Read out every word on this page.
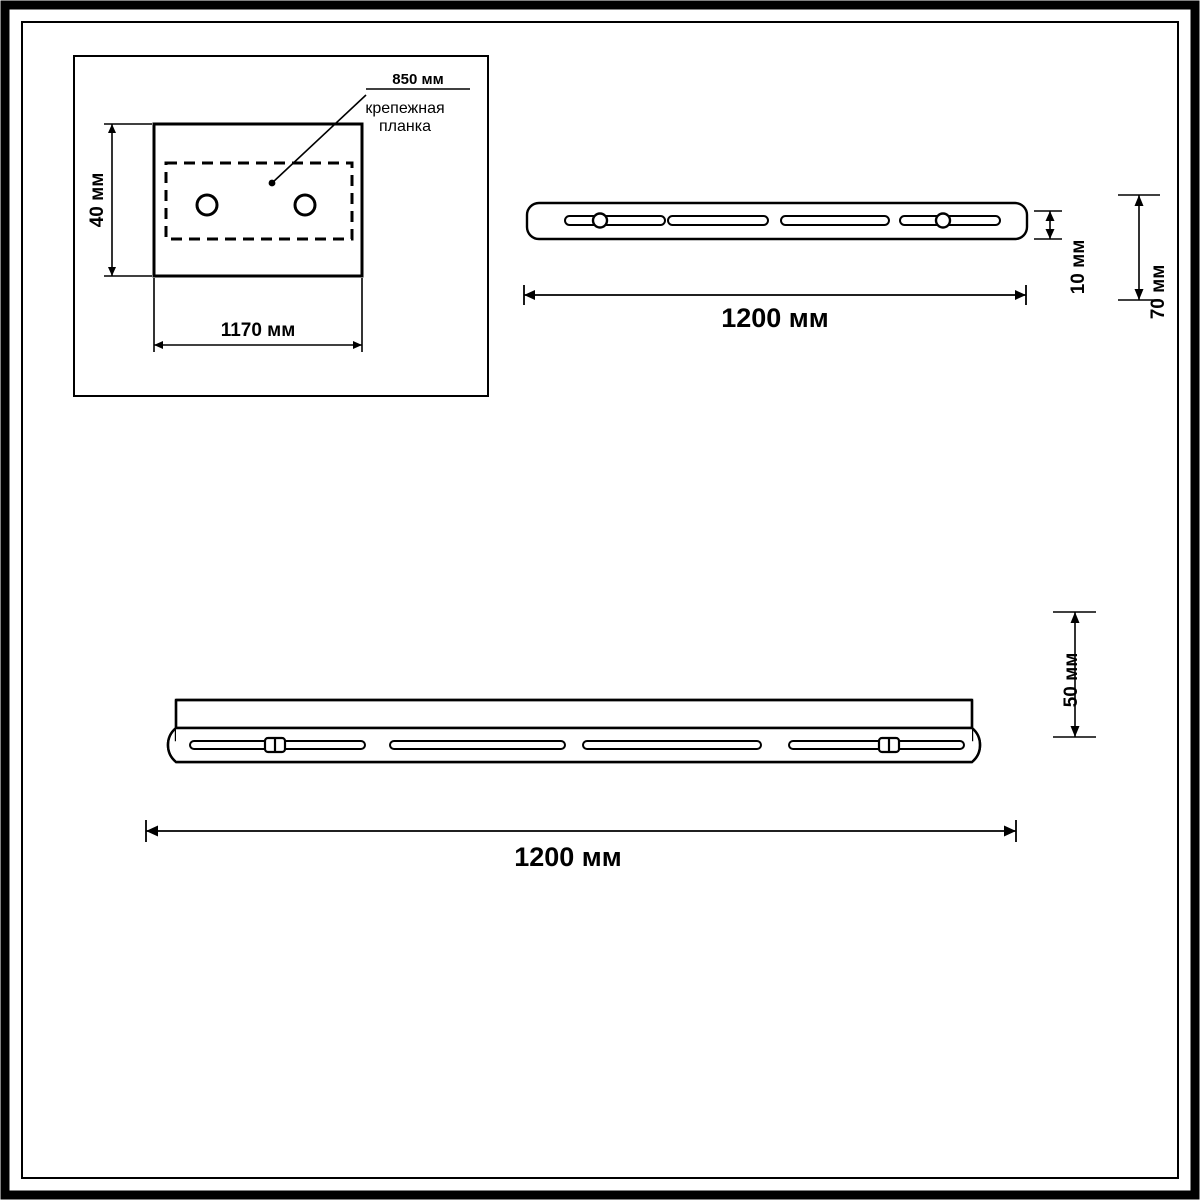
850 мм
крепежная
планка
40 мм
1170 мм	1200 мм
10 мм	70 мм
50 мм
1200 мм
